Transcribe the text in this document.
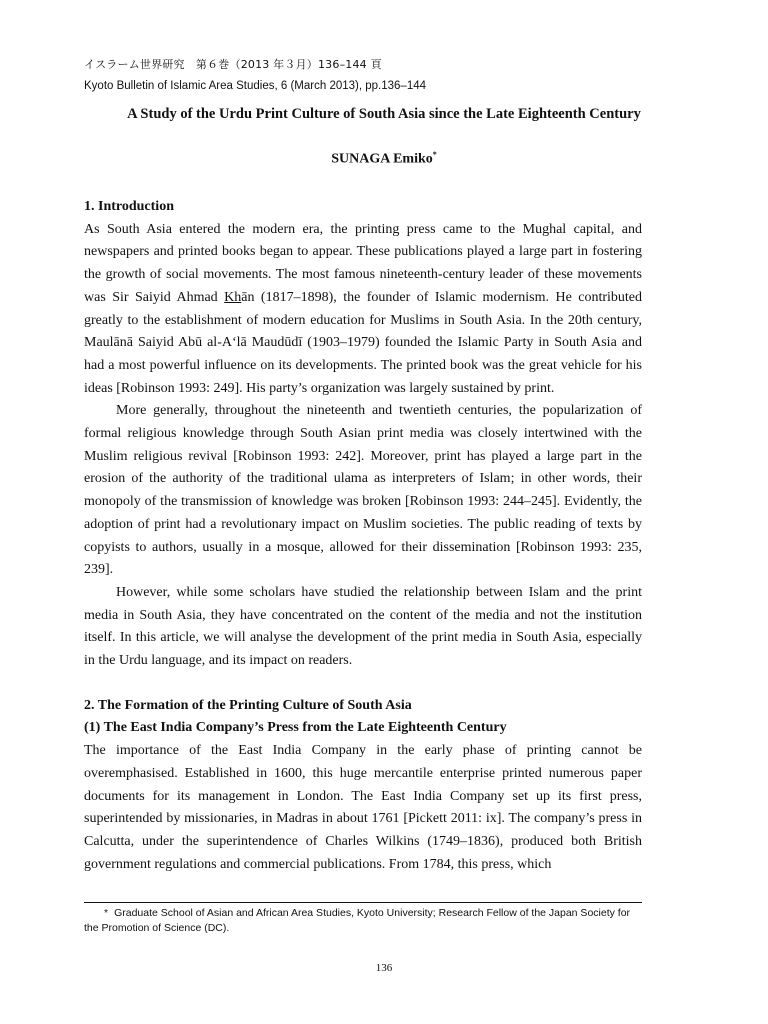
イスラーム世界研究　第６巻（2013 年３月）136–144 頁
Kyoto Bulletin of Islamic Area Studies, 6 (March 2013), pp.136–144
A Study of the Urdu Print Culture of South Asia since the Late Eighteenth Century
SUNAGA Emiko*
1. Introduction

As South Asia entered the modern era, the printing press came to the Mughal capital, and newspapers and printed books began to appear. These publications played a large part in fostering the growth of social movements. The most famous nineteenth-century leader of these movements was Sir Saiyid Ahmad Khān (1817–1898), the founder of Islamic modernism. He contributed greatly to the establishment of modern education for Muslims in South Asia. In the 20th century, Maulānā Saiyid Abū al-A‘lā Maudūdī (1903–1979) founded the Islamic Party in South Asia and had a most powerful influence on its developments. The printed book was the great vehicle for his ideas [Robinson 1993: 249]. His party’s organization was largely sustained by print.

More generally, throughout the nineteenth and twentieth centuries, the popularization of formal religious knowledge through South Asian print media was closely intertwined with the Muslim religious revival [Robinson 1993: 242]. Moreover, print has played a large part in the erosion of the authority of the traditional ulama as interpreters of Islam; in other words, their monopoly of the transmission of knowledge was broken [Robinson 1993: 244–245]. Evidently, the adoption of print had a revolutionary impact on Muslim societies. The public reading of texts by copyists to authors, usually in a mosque, allowed for their dissemination [Robinson 1993: 235, 239].

However, while some scholars have studied the relationship between Islam and the print media in South Asia, they have concentrated on the content of the media and not the institution itself. In this article, we will analyse the development of the print media in South Asia, especially in the Urdu language, and its impact on readers.

2. The Formation of the Printing Culture of South Asia
(1) The East India Company’s Press from the Late Eighteenth Century

The importance of the East India Company in the early phase of printing cannot be overemphasised. Established in 1600, this huge mercantile enterprise printed numerous paper documents for its management in London. The East India Company set up its first press, superintended by missionaries, in Madras in about 1761 [Pickett 2011: ix]. The company’s press in Calcutta, under the superintendence of Charles Wilkins (1749–1836), produced both British government regulations and commercial publications. From 1784, this press, which

* Graduate School of Asian and African Area Studies, Kyoto University; Research Fellow of the Japan Society for the Promotion of Science (DC).
136
